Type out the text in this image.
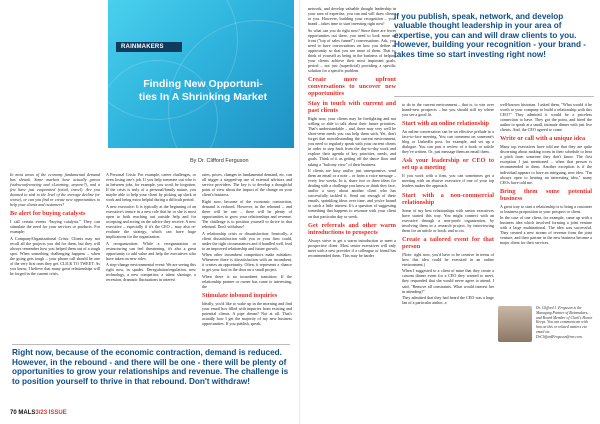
RAINMAKERS
Finding New Opportuni-
ties In A Shrinking Market
By Dr. Clifford Ferguson

In most areas of the economy fundamental demand has shrunk. Some markets have actually grown (videoconferencing and eLearning, anyone?), and a few have just evaporated (retail, travel). Are you doomed to sink to the level of the average decline (or worse), or can you find or create new opportunities to help your clients and customers?

Be alert for buying catalysts

I call certain events “buying catalysts.” They can stimulate the need for your services or products. For example:

A Company/Organizational Crisis: Clients may not recall all the projects you did for them, but they will always remember how you helped them out of a tough spot. When something challenging happens – when the going gets tough – your phone call should be one of the very first ones they get. CLICK TO TWEET: As you know, I believe that many great relationships will be forged in the current crisis.

A Personal Crisis: For example, career challenges, or even losing one's job. If you help someone out who is in between jobs, for example, you won't be forgotten. If the crisis is truly of a personal/family nature, you maybe able to help your client by picking up slack at work and being extra helpful during a difficult period.

A new executive: It is typically at the beginning of an executive's tenure in a new role that he or she is most open to both reaching out outside help and for accepting and acting on the advice they receive. A new executive – especially if it's the CEO – may also re-evaluate the strategy, which can have huge implications for the organization.

A reorganization: While a reorganization or restructuring can feel threatening, it's also a great opportunity to add value and help the executives who have taken on new roles.

A step-change environmental event: We are seeing this right now, in spades. Deregulation/regulation, new technology, a new competitor, a talent shortage, a recession, dramatic fluctuations in interest

rates, prices, changes in fundamental demand, etc. can all trigger a stepped-up use of external advisors and service providers. The key is to develop a thoughtful point of view about the impact of the change on your client's business.

Right now, because of the economic contraction, demand is reduced. However, in the rebound – and there will be one – there will be plenty of opportunities to grow your relationships and revenue. The challenge is to position yourself to thrive in that rebound. Don't withdraw!

A relationship crisis or dissatisfaction: Ironically, a client dissatisfaction with you or your firm could, under the right circumstances and if handled well, lead to an improved relationship and future growth.

When other incumbent competitors make mistakes: Whenever there is dissatisfaction with an incumbent, it creates an opportunity. Often, it represents a chance to get your foot in the door on a small project.

When there is no incumbent transition: If the relationship partner or owner has come to interesting, the

Stimulate inbound inquiries

Ideally, you'd like to wake up in the morning and find your email box filled with inquiries from existing and potential clients. A pipe dream? Not at all. That's actually how I get the majority of my new business opportunities. If you publish, speak,

Right now, because of the economic contraction, demand is reduced. However, in the rebound - and there will be one - there will be plenty of opportunities to grow your relationships and revenue. The challenge is to position yourself to thrive in that rebound. Don't withdraw!
70 MALS3/23 ISSUE

network, and develop valuable thought leadership in your area of expertise, you can and will draw clients to you. However, building your recognition – your brand – takes time to start investing right now!

So what can you do right now? Since there are fewer opportunities out there, you need to look more up front ("top of sales funnel") conversations. Ask, you need to have conversations on how you define an opportunity so that you see more of them. That is: think of yourself as being in the business of helping your clients achieve their most important goals, period – not just (superficial) providing a specific solution for a specific problem.

Create more upfront conversations to uncover new opportunities
Stay in touch with current and past clients

Right now, your clients may be firefighting and not willing or able to talk about their future priorities. That's understandable – and, there may very well be short-term needs you can help them with. Yet, don't forget that notwithstanding the current environment, you need to regularly speak with your current clients in order to step back from the day-to-day work and explore their agenda of key priorities, needs, and goals. Think of it as getting off the dance floor and taking a "balcony view" of their business.

If clients are busy and/or just unresponsive, send them an email or a note – or from a voice message – every few weeks. In it, share two or three ideas for dealing with a challenge you know or think they face, and/or a story about another client who has successfully tackled it. Send out enough of these emails, sprinkling ideas over time, and you're bound to catch a little interest. It's a question of suggesting something that happens to resonate with your client on that particular day or week.

Get referrals and other warm introductions to prospects

Always strive to get a warm introduction to meet a prospective client. Most senior executives will only meet with a new provider if a colleague or friend has recommended them. This may be harder

If you publish, speak, network, and develop valuable thought leadership in your area of expertise, you can and will draw clients to you. However, building your recognition - your brand - takes time so start investing right now!

to do in the current environment – that is, to win over brand-new prospects – but you should still try where you see a good fit.

Start with an online relationship

An online conversation can be an effective prelude to a face-to-face meeting. You can comment on someone's blog or LinkedIn post, for example, and set up a dialogue. You can post a review of a book or article they've written. Or, just message them an email them.

Ask your leadership or CEO to set up a meeting

If you work with a firm, you can sometimes get a meeting with an elusive executive if one of your top leaders makes the approach.

Start with a non-commercial relationship

Some of my best relationships with senior executives have started this way. You might connect with an executive through a non-profit organization, by involving them in a research project, by interviewing them for an article or book, and so on.

Create a tailored event for that person

(Note: right now, you'd have to be creative in terms of how this idea could be executed in an online environment.)

When I suggested to a client of mine that they create a custom dinner event for a CEO they wanted to meet, they responded that she would never agree to attend. I said, "Remove all constraints. What would interest her in attending?"

They admitted that they had heard the CEO was a huge fan of a particular author, a

well-known historian. I asked them, "What would it be worth to your company to build a relationship with this CEO?" They admitted it would be a priceless connection to have. They got the point, and hired the author to speak at a small, intimate dinner with just five clients. And, the CEO agreed to come.

Write or call with a unique idea

Many top executives have told me that they are quite discerning about making room in their schedule to hear a pitch from someone they don't know. The first exception I just mentioned – when that person is recommended to them. Another exception is if the individual appears to have an intriguing, new idea. "I'm always open to hearing an interesting idea," many CEOs have told me.

Bring them some potential business

A great way to start a relationship is to bring a customer or business proposition to your prospect or client.

In the case of one client, for example, came up with a business idea which involved forming a joint venture with a large multinational. The idea was successful. They created a new stream of revenue from the joint venture, and their partner in the new business became a major client for their services.

Dr. Clifford J. Ferguson is the Managing Partner of Rainmakers, and Board Member of Clark's Honor Keeps. You can communicate with him on this or related matters via email on: DrCliffordFerguson@me.com.
